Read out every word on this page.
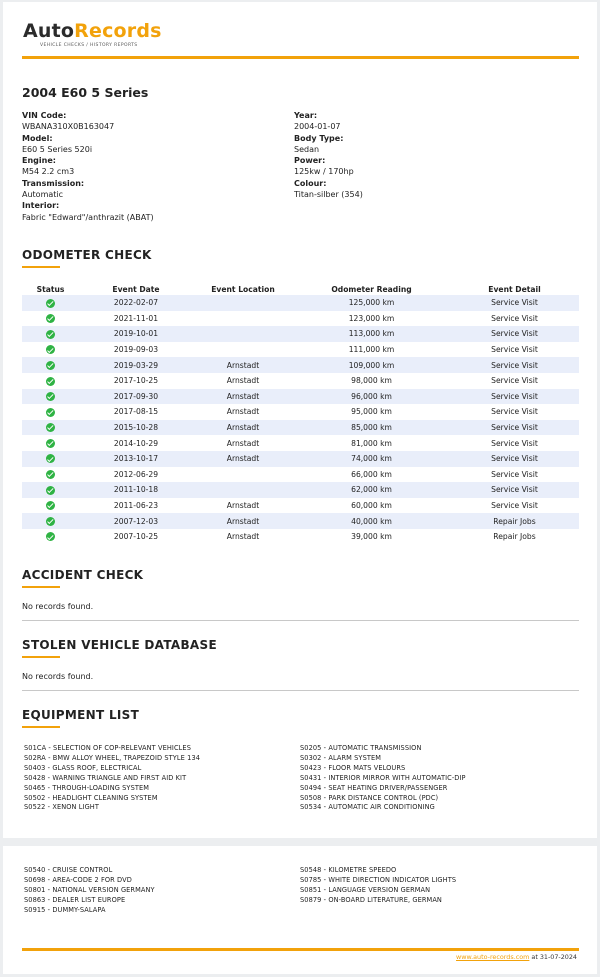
AutoRecords
VEHICLE CHECKS / HISTORY REPORTS
2004 E60 5 Series
VIN Code:
WBANA310X0B163047
Model:
E60 5 Series 520i
Engine:
M54 2.2 cm3
Transmission:
Automatic
Interior:
Fabric "Edward"/anthrazit (ABAT)
Year:
2004-01-07
Body Type:
Sedan
Power:
125kw / 170hp
Colour:
Titan-silber (354)
ODOMETER CHECK
Status	Event Date	Event Location	Odometer Reading	Event Detail
	2022-02-07		125,000 km	Service Visit
	2021-11-01		123,000 km	Service Visit
	2019-10-01		113,000 km	Service Visit
	2019-09-03		111,000 km	Service Visit
	2019-03-29	Arnstadt	109,000 km	Service Visit
	2017-10-25	Arnstadt	98,000 km	Service Visit
	2017-09-30	Arnstadt	96,000 km	Service Visit
	2017-08-15	Arnstadt	95,000 km	Service Visit
	2015-10-28	Arnstadt	85,000 km	Service Visit
	2014-10-29	Arnstadt	81,000 km	Service Visit
	2013-10-17	Arnstadt	74,000 km	Service Visit
	2012-06-29		66,000 km	Service Visit
	2011-10-18		62,000 km	Service Visit
	2011-06-23	Arnstadt	60,000 km	Service Visit
	2007-12-03	Arnstadt	40,000 km	Repair Jobs
	2007-10-25	Arnstadt	39,000 km	Repair Jobs
ACCIDENT CHECK
No records found.
STOLEN VEHICLE DATABASE
No records found.
EQUIPMENT LIST
S01CA - SELECTION OF COP-RELEVANT VEHICLES
S02RA - BMW ALLOY WHEEL, TRAPEZOID STYLE 134
S0403 - GLASS ROOF, ELECTRICAL
S0428 - WARNING TRIANGLE AND FIRST AID KIT
S0465 - THROUGH-LOADING SYSTEM
S0502 - HEADLIGHT CLEANING SYSTEM
S0522 - XENON LIGHT
S0205 - AUTOMATIC TRANSMISSION
S0302 - ALARM SYSTEM
S0423 - FLOOR MATS VELOURS
S0431 - INTERIOR MIRROR WITH AUTOMATIC-DIP
S0494 - SEAT HEATING DRIVER/PASSENGER
S0508 - PARK DISTANCE CONTROL (PDC)
S0534 - AUTOMATIC AIR CONDITIONING
S0540 - CRUISE CONTROL
S0698 - AREA-CODE 2 FOR DVD
S0801 - NATIONAL VERSION GERMANY
S0863 - DEALER LIST EUROPE
S0915 - DUMMY-SALAPA
S0548 - KILOMETRE SPEEDO
S0785 - WHITE DIRECTION INDICATOR LIGHTS
S0851 - LANGUAGE VERSION GERMAN
S0879 - ON-BOARD LITERATURE, GERMAN
www.auto-records.com at 31-07-2024
